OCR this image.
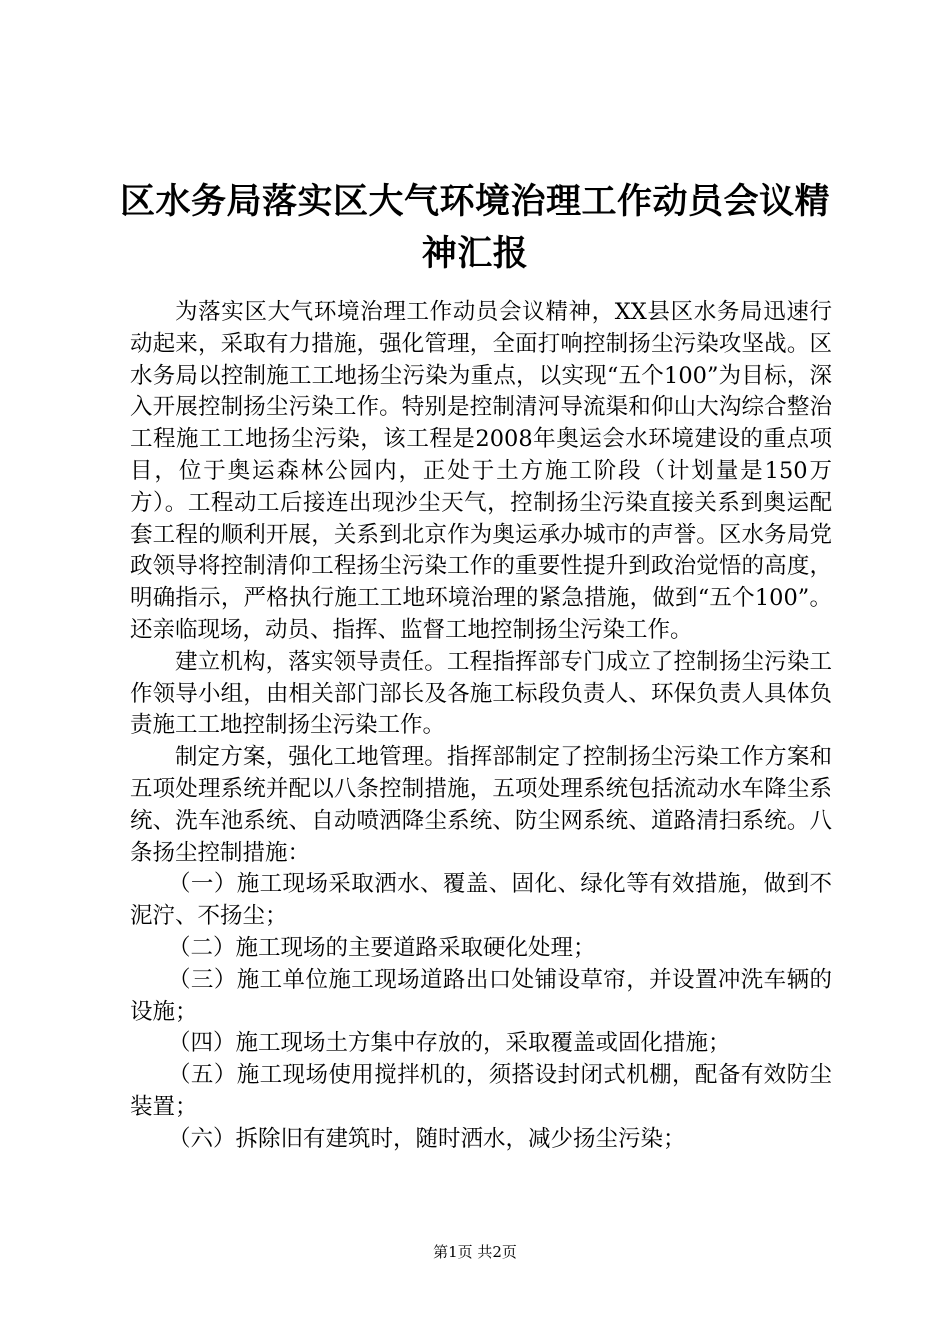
区水务局落实区大气环境治理工作动员会议精神汇报

为落实区大气环境治理工作动员会议精神，XX县区水务局迅速行动起来，采取有力措施，强化管理，全面打响控制扬尘污染攻坚战。区水务局以控制施工工地扬尘污染为重点，以实现“五个100”为目标，深入开展控制扬尘污染工作。特别是控制清河导流渠和仰山大沟综合整治工程施工工地扬尘污染，该工程是2008年奥运会水环境建设的重点项目，位于奥运森林公园内，正处于土方施工阶段（计划量是150万方）。工程动工后接连出现沙尘天气，控制扬尘污染直接关系到奥运配套工程的顺利开展，关系到北京作为奥运承办城市的声誉。区水务局党政领导将控制清仰工程扬尘污染工作的重要性提升到政治觉悟的高度，明确指示，严格执行施工工地环境治理的紧急措施，做到“五个100”。还亲临现场，动员、指挥、监督工地控制扬尘污染工作。

建立机构，落实领导责任。工程指挥部专门成立了控制扬尘污染工作领导小组，由相关部门部长及各施工标段负责人、环保负责人具体负责施工工地控制扬尘污染工作。

制定方案，强化工地管理。指挥部制定了控制扬尘污染工作方案和五项处理系统并配以八条控制措施，五项处理系统包括流动水车降尘系统、洗车池系统、自动喷洒降尘系统、防尘网系统、道路清扫系统。八条扬尘控制措施：

（一）施工现场采取洒水、覆盖、固化、绿化等有效措施，做到不泥泞、不扬尘；

（二）施工现场的主要道路采取硬化处理；

（三）施工单位施工现场道路出口处铺设草帘，并设置冲洗车辆的设施；

（四）施工现场土方集中存放的，采取覆盖或固化措施；

（五）施工现场使用搅拌机的，须搭设封闭式机棚，配备有效防尘装置；

（六）拆除旧有建筑时，随时洒水，减少扬尘污染；

第1页 共2页
